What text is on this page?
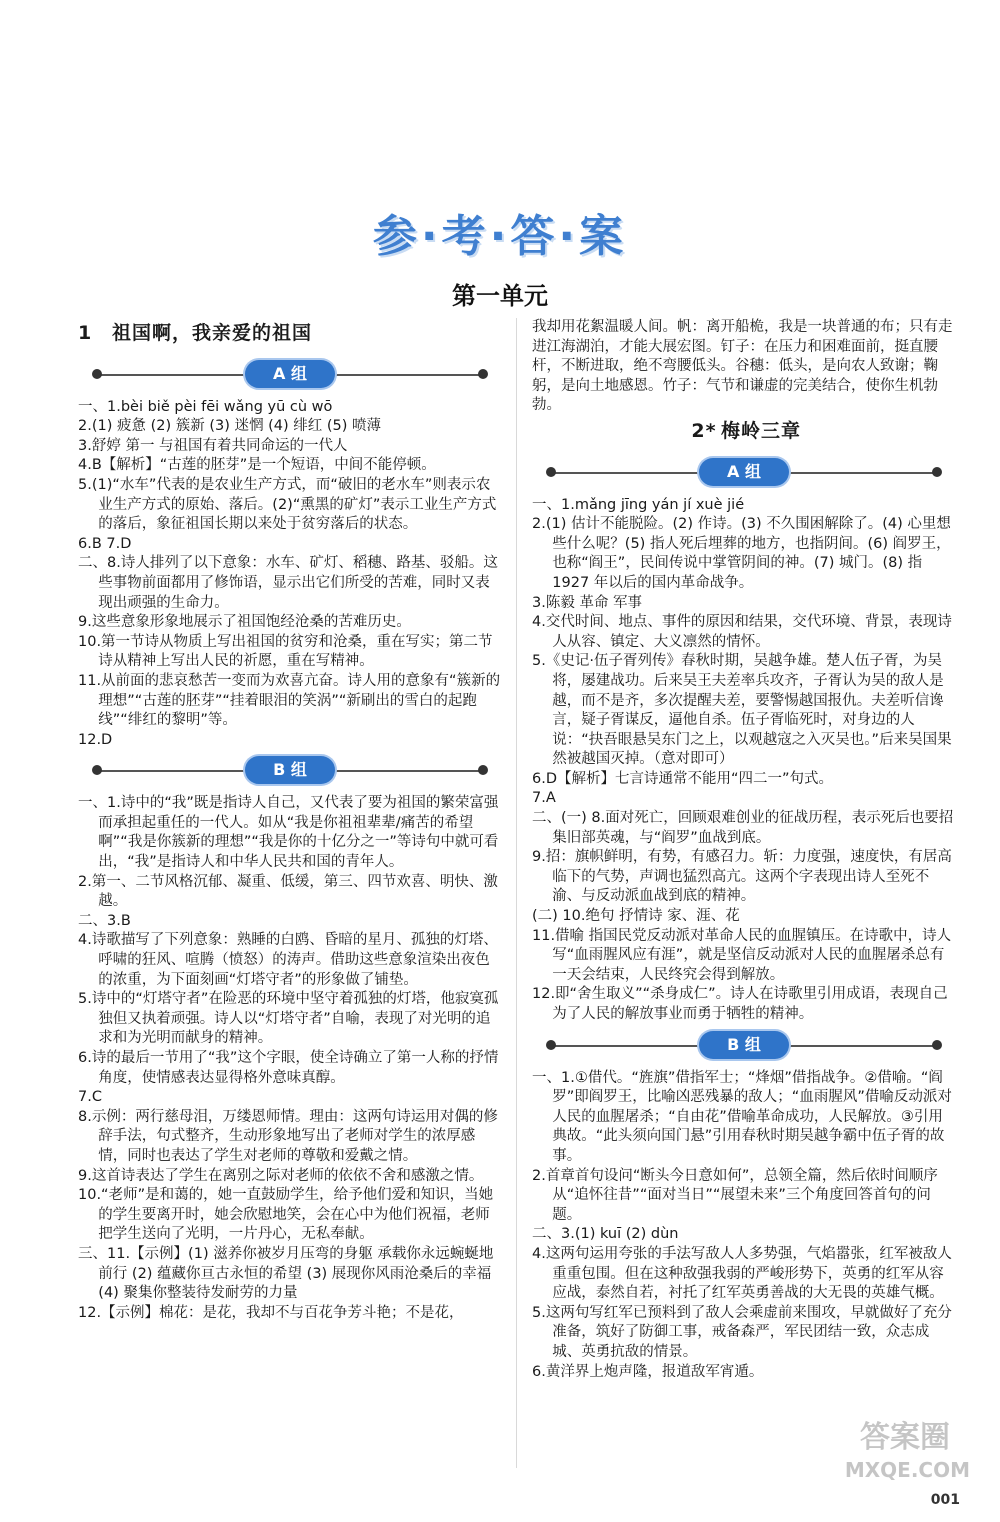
参·考·答·案
第一单元
1 祖国啊，我亲爱的祖国
A 组

一、1.bèi biě pèi fēi wǎng yū cù wō

2.(1) 疲惫 (2) 簇新 (3) 迷惘 (4) 绯红 (5) 喷薄

3.舒婷 第一 与祖国有着共同命运的一代人

4.B【解析】“古莲的胚芽”是一个短语，中间不能停顿。

5.(1)“水车”代表的是农业生产方式，而“破旧的老水车”则表示农业生产方式的原始、落后。(2)“熏黑的矿灯”表示工业生产方式的落后，象征祖国长期以来处于贫穷落后的状态。

6.B 7.D

二、8.诗人排列了以下意象：水车、矿灯、稻穗、路基、驳船。这些事物前面都用了修饰语，显示出它们所受的苦难，同时又表现出顽强的生命力。

9.这些意象形象地展示了祖国饱经沧桑的苦难历史。

10.第一节诗从物质上写出祖国的贫穷和沧桑，重在写实；第二节诗从精神上写出人民的祈愿，重在写精神。

11.从前面的悲哀愁苦一变而为欢喜亢奋。诗人用的意象有“簇新的理想”“古莲的胚芽”“挂着眼泪的笑涡”“新刷出的雪白的起跑线”“绯红的黎明”等。

12.D

B 组

一、1.诗中的“我”既是指诗人自己，又代表了要为祖国的繁荣富强而承担起重任的一代人。如从“我是你祖祖辈辈/痛苦的希望啊”“我是你簇新的理想”“我是你的十亿分之一”等诗句中就可看出，“我”是指诗人和中华人民共和国的青年人。

2.第一、二节风格沉郁、凝重、低缓，第三、四节欢喜、明快、激越。

二、3.B

4.诗歌描写了下列意象：熟睡的白鸥、昏暗的星月、孤独的灯塔、呼啸的狂风、喧腾（愤怒）的涛声。借助这些意象渲染出夜色的浓重，为下面刻画“灯塔守者”的形象做了铺垫。

5.诗中的“灯塔守者”在险恶的环境中坚守着孤独的灯塔，他寂寞孤独但又执着顽强。诗人以“灯塔守者”自喻，表现了对光明的追求和为光明而献身的精神。

6.诗的最后一节用了“我”这个字眼，使全诗确立了第一人称的抒情角度，使情感表达显得格外意味真醇。

7.C

8.示例：两行慈母泪，万缕恩师情。理由：这两句诗运用对偶的修辞手法，句式整齐，生动形象地写出了老师对学生的浓厚感情，同时也表达了学生对老师的尊敬和爱戴之情。

9.这首诗表达了学生在离别之际对老师的依依不舍和感激之情。

10.“老师”是和蔼的，她一直鼓励学生，给予他们爱和知识，当她的学生要离开时，她会欣慰地笑，会在心中为他们祝福，老师把学生送向了光明，一片丹心，无私奉献。

三、11.【示例】(1) 滋养你被岁月压弯的身躯 承载你永远蜿蜒地前行 (2) 蕴藏你亘古永恒的希望 (3) 展现你风雨沧桑后的幸福 (4) 聚集你整装待发耐劳的力量

12.【示例】棉花：是花，我却不与百花争芳斗艳；不是花，

我却用花絮温暖人间。帆：离开船桅，我是一块普通的布；只有走进江海湖泊，才能大展宏图。钉子：在压力和困难面前，挺直腰杆，不断进取，绝不弯腰低头。谷穗：低头，是向农人致谢；鞠躬，是向土地感恩。竹子：气节和谦虚的完美结合，使你生机勃勃。

2* 梅岭三章
A 组

一、1.mǎng jīng yán jí xuè jié

2.(1) 估计不能脱险。(2) 作诗。(3) 不久围困解除了。(4) 心里想些什么呢？(5) 指人死后埋葬的地方，也指阴间。(6) 阎罗王，也称“阎王”，民间传说中掌管阴间的神。(7) 城门。(8) 指 1927 年以后的国内革命战争。

3.陈毅 革命 军事

4.交代时间、地点、事件的原因和结果，交代环境、背景，表现诗人从容、镇定、大义凛然的情怀。

5.《史记·伍子胥列传》春秋时期，吴越争雄。楚人伍子胥，为吴将，屡建战功。后来吴王夫差率兵攻齐，子胥认为吴的敌人是越，而不是齐，多次提醒夫差，要警惕越国报仇。夫差听信谗言，疑子胥谋反，逼他自杀。伍子胥临死时，对身边的人说：“抉吾眼悬吴东门之上，以观越寇之入灭吴也。”后来吴国果然被越国灭掉。（意对即可）

6.D【解析】七言诗通常不能用“四二一”句式。

7.A

二、(一) 8.面对死亡，回顾艰难创业的征战历程，表示死后也要招集旧部英魂，与“阎罗”血战到底。

9.招：旗帜鲜明，有势，有感召力。斩：力度强，速度快，有居高临下的气势，声调也猛烈高亢。这两个字表现出诗人至死不渝、与反动派血战到底的精神。

(二) 10.绝句 抒情诗 家、涯、花

11.借喻 指国民党反动派对革命人民的血腥镇压。在诗歌中，诗人写“血雨腥风应有涯”，就是坚信反动派对人民的血腥屠杀总有一天会结束，人民终究会得到解放。

12.即“舍生取义”“杀身成仁”。诗人在诗歌里引用成语，表现自己为了人民的解放事业而勇于牺牲的精神。

B 组

一、1.①借代。“旌旗”借指军士；“烽烟”借指战争。②借喻。“阎罗”即阎罗王，比喻凶恶残暴的敌人；“血雨腥风”借喻反动派对人民的血腥屠杀；“自由花”借喻革命成功，人民解放。③引用典故。“此头须向国门悬”引用春秋时期吴越争霸中伍子胥的故事。

2.首章首句设问“断头今日意如何”，总领全篇，然后依时间顺序从“追怀往昔”“面对当日”“展望未来”三个角度回答首句的问题。

二、3.(1) kuī (2) dùn

4.这两句运用夸张的手法写敌人人多势强，气焰嚣张，红军被敌人重重包围。但在这种敌强我弱的严峻形势下，英勇的红军从容应战，泰然自若，衬托了红军英勇善战的大无畏的英雄气概。

5.这两句写红军已预料到了敌人会乘虚前来围攻，早就做好了充分准备，筑好了防御工事，戒备森严，军民团结一致，众志成城、英勇抗敌的情景。

6.黄洋界上炮声隆，报道敌军宵遁。

答案圈
MXQE.COM
001
